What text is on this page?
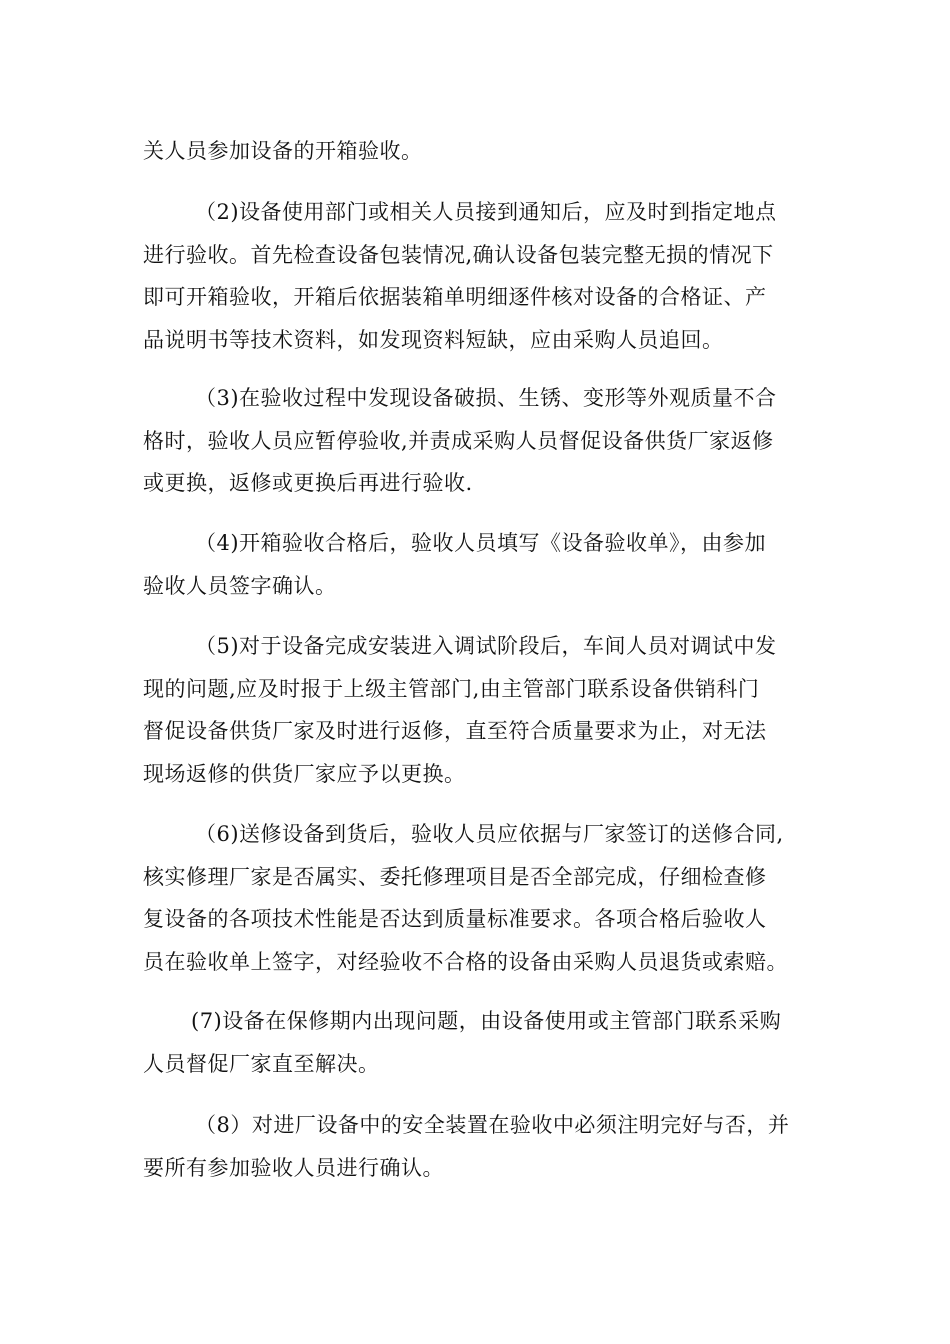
关人员参加设备的开箱验收。

（2)设备使用部门或相关人员接到通知后，应及时到指定地点
进行验收。首先检查设备包装情况,确认设备包装完整无损的情况下
即可开箱验收，开箱后依据装箱单明细逐件核对设备的合格证、产
品说明书等技术资料，如发现资料短缺，应由采购人员追回。

（3)在验收过程中发现设备破损、生锈、变形等外观质量不合
格时，验收人员应暂停验收,并责成采购人员督促设备供货厂家返修
或更换，返修或更换后再进行验收.

（4)开箱验收合格后，验收人员填写《设备验收单》，由参加
验收人员签字确认。

（5)对于设备完成安装进入调试阶段后，车间人员对调试中发
现的问题,应及时报于上级主管部门,由主管部门联系设备供销科门
督促设备供货厂家及时进行返修，直至符合质量要求为止，对无法
现场返修的供货厂家应予以更换。

（6)送修设备到货后，验收人员应依据与厂家签订的送修合同,
核实修理厂家是否属实、委托修理项目是否全部完成，仔细检查修
复设备的各项技术性能是否达到质量标准要求。各项合格后验收人
员在验收单上签字，对经验收不合格的设备由采购人员退货或索赔。

(7)设备在保修期内出现问题，由设备使用或主管部门联系采购
人员督促厂家直至解决。

（8）对进厂设备中的安全装置在验收中必须注明完好与否，并
要所有参加验收人员进行确认。
